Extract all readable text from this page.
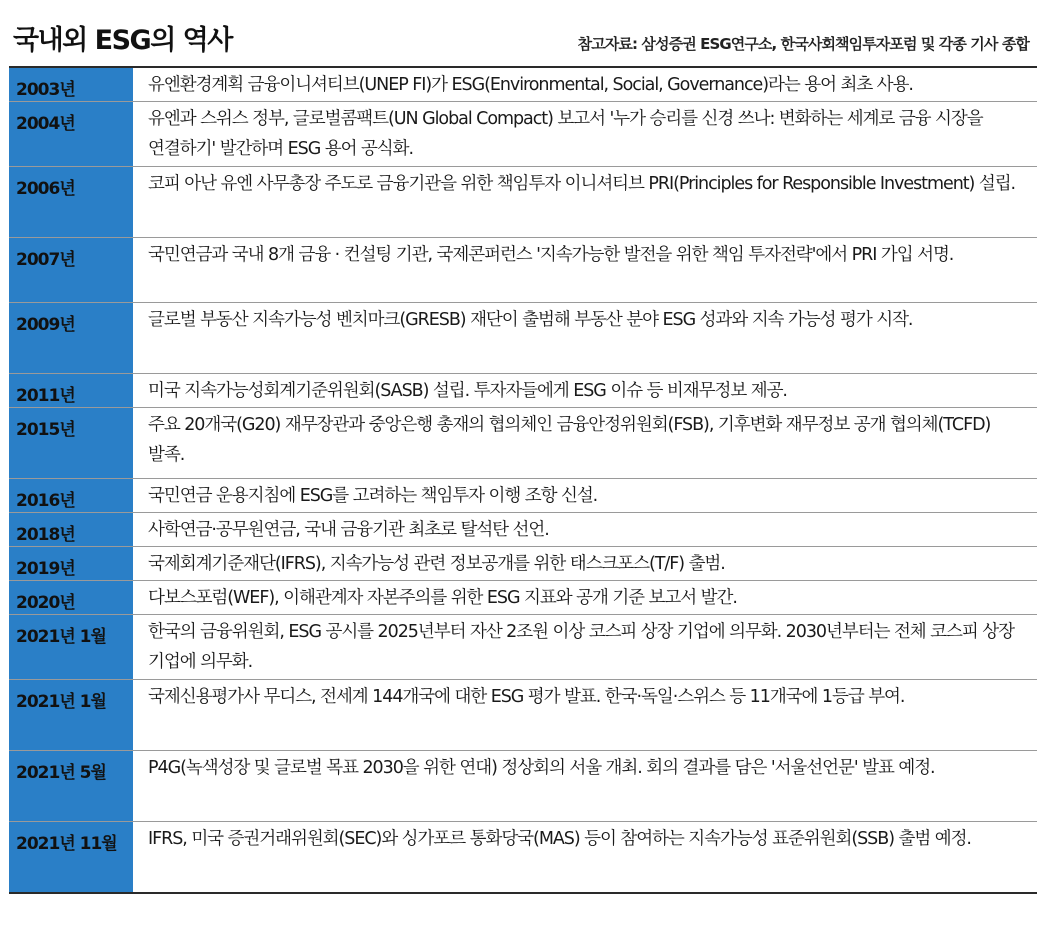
국내외 ESG의 역사	참고자료: 삼성증권 ESG연구소, 한국사회책임투자포럼 및 각종 기사 종합
2003년	유엔환경계획 금융이니셔티브(UNEP FI)가 ESG(Environmental, Social, Governance)라는 용어 최초 사용.
2004년	유엔과 스위스 정부, 글로벌콤팩트(UN Global Compact) 보고서 '누가 승리를 신경 쓰나: 변화하는 세계로 금융 시장을 연결하기' 발간하며 ESG 용어 공식화.
2006년	코피 아난 유엔 사무총장 주도로 금융기관을 위한 책임투자 이니셔티브 PRI(Principles for Responsible Investment) 설립.
2007년	국민연금과 국내 8개 금융 · 컨설팅 기관, 국제콘퍼런스 '지속가능한 발전을 위한 책임 투자전략'에서 PRI 가입 서명.
2009년	글로벌 부동산 지속가능성 벤치마크(GRESB) 재단이 출범해 부동산 분야 ESG 성과와 지속 가능성 평가 시작.
2011년	미국 지속가능성회계기준위원회(SASB) 설립. 투자자들에게 ESG 이슈 등 비재무정보 제공.
2015년	주요 20개국(G20) 재무장관과 중앙은행 총재의 협의체인 금융안정위원회(FSB), 기후변화 재무정보 공개 협의체(TCFD) 발족.
2016년	국민연금 운용지침에 ESG를 고려하는 책임투자 이행 조항 신설.
2018년	사학연금·공무원연금, 국내 금융기관 최초로 탈석탄 선언.
2019년	국제회계기준재단(IFRS), 지속가능성 관련 정보공개를 위한 태스크포스(T/F) 출범.
2020년	다보스포럼(WEF), 이해관계자 자본주의를 위한 ESG 지표와 공개 기준 보고서 발간.
2021년 1월	한국의 금융위원회, ESG 공시를 2025년부터 자산 2조원 이상 코스피 상장 기업에 의무화. 2030년부터는 전체 코스피 상장 기업에 의무화.
2021년 1월	국제신용평가사 무디스, 전세계 144개국에 대한 ESG 평가 발표. 한국·독일·스위스 등 11개국에 1등급 부여.
2021년 5월	P4G(녹색성장 및 글로벌 목표 2030을 위한 연대) 정상회의 서울 개최. 회의 결과를 담은 '서울선언문' 발표 예정.
2021년 11월	IFRS, 미국 증권거래위원회(SEC)와 싱가포르 통화당국(MAS) 등이 참여하는 지속가능성 표준위원회(SSB) 출범 예정.
